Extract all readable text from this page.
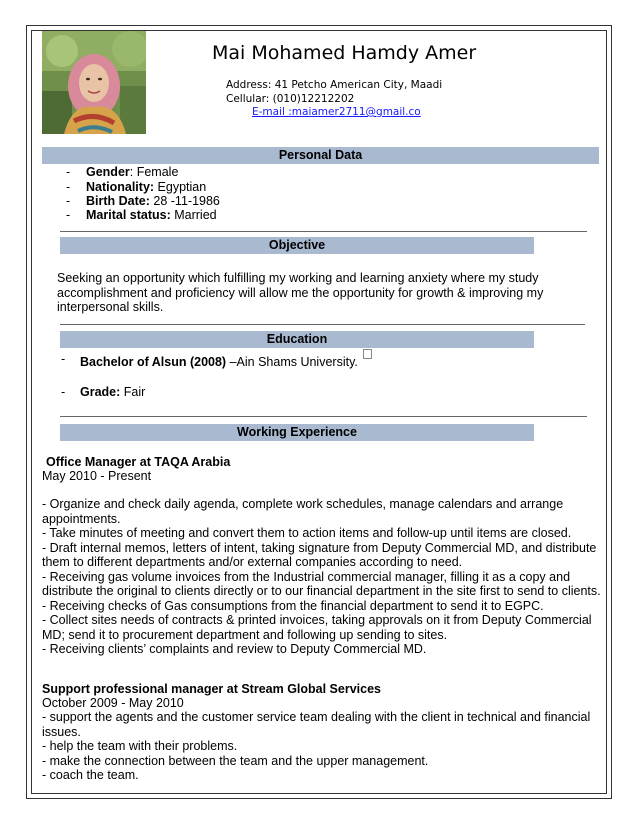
Mai Mohamed Hamdy Amer
Address: 41 Petcho American City, Maadi
Cellular: (010)12212202
E-mail :maiamer2711@gmail.co
Personal Data
- Gender: Female
- Nationality: Egyptian
- Birth Date: 28 -11-1986
- Marital status: Married
Objective
Seeking an opportunity which fulfilling my working and learning anxiety where my study accomplishment and proficiency will allow me the opportunity for growth & improving my interpersonal skills.
Education
- Bachelor of Alsun (2008) –Ain Shams University.
- Grade: Fair
Working Experience
Office Manager at TAQA Arabia
May 2010 - Present
- Organize and check daily agenda, complete work schedules, manage calendars and arrange appointments.
- Take minutes of meeting and convert them to action items and follow-up until items are closed.
- Draft internal memos, letters of intent, taking signature from Deputy Commercial MD, and distribute them to different departments and/or external companies according to need.
- Receiving gas volume invoices from the Industrial commercial manager, filling it as a copy and distribute the original to clients directly or to our financial department in the site first to send to clients.
- Receiving checks of Gas consumptions from the financial department to send it to EGPC.
- Collect sites needs of contracts & printed invoices, taking approvals on it from Deputy Commercial MD; send it to procurement department and following up sending to sites.
- Receiving clients’ complaints and review to Deputy Commercial MD.
Support professional manager at Stream Global Services
October 2009 - May 2010
- support the agents and the customer service team dealing with the client in technical and financial issues.
- help the team with their problems.
- make the connection between the team and the upper management.
- coach the team.
